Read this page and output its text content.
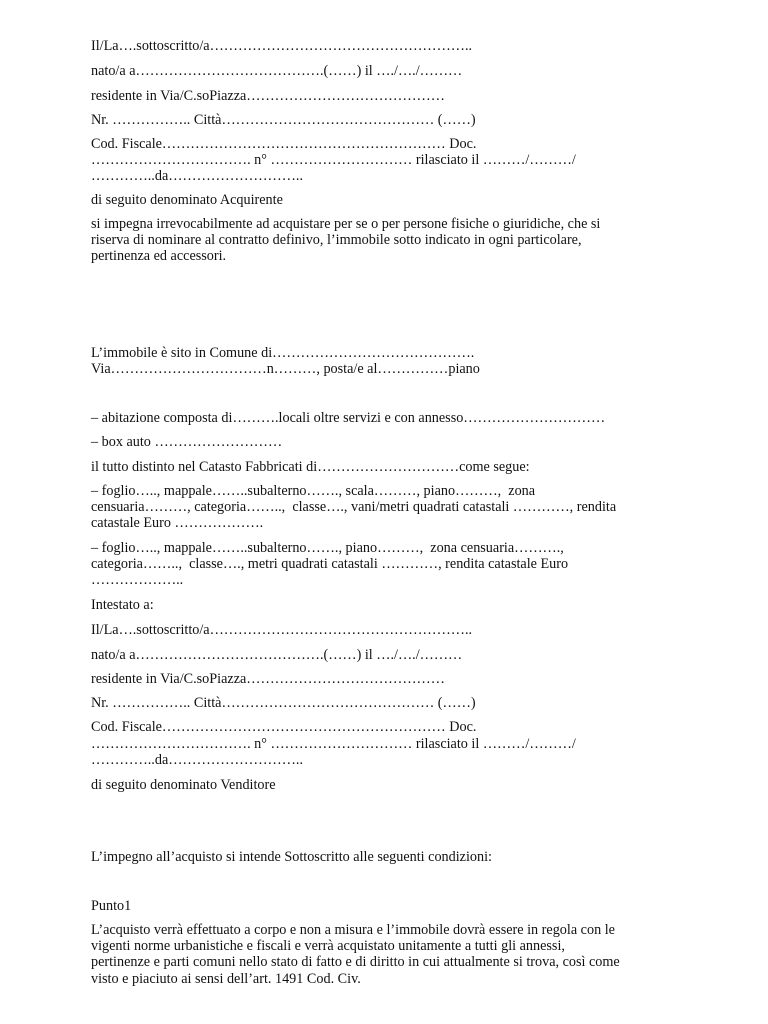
Il/La….sottoscritto/a………………………………………………..
nato/a a………………………………….(……) il …./…./………
residente in Via/C.soPiazza……………………………………
Nr. …………….. Città……………………………………… (……)
Cod. Fiscale…………………………………………………… Doc.
……………………………. n° ………………………… rilasciato il ………/………/
…………..da………………………..
di seguito denominato Acquirente
si impegna irrevocabilmente ad acquistare per se o per persone fisiche o giuridiche, che si
riserva di nominare al contratto definivo, l’immobile sotto indicato in ogni particolare,
pertinenza ed accessori.
L’immobile è sito in Comune di…………………………………….
Via……………………………n………, posta/e al……………piano
– abitazione composta di……….locali oltre servizi e con annesso…………………………
– box auto ………………………
il tutto distinto nel Catasto Fabbricati di…………………………come segue:
– foglio….., mappale……..subalterno……., scala………, piano………,  zona
censuaria………, categoria……..,  classe…., vani/metri quadrati catastali …………, rendita
catastale Euro ……………….
– foglio….., mappale……..subalterno……., piano………,  zona censuaria……….,
categoria……..,  classe…., metri quadrati catastali …………, rendita catastale Euro
………………..
Intestato a:
Il/La….sottoscritto/a………………………………………………..
nato/a a………………………………….(……) il …./…./………
residente in Via/C.soPiazza……………………………………
Nr. …………….. Città……………………………………… (……)
Cod. Fiscale…………………………………………………… Doc.
……………………………. n° ………………………… rilasciato il ………/………/
…………..da………………………..
di seguito denominato Venditore
L’impegno all’acquisto si intende Sottoscritto alle seguenti condizioni:
Punto1
L’acquisto verrà effettuato a corpo e non a misura e l’immobile dovrà essere in regola con le
vigenti norme urbanistiche e fiscali e verrà acquistato unitamente a tutti gli annessi,
pertinenze e parti comuni nello stato di fatto e di diritto in cui attualmente si trova, così come
visto e piaciuto ai sensi dell’art. 1491 Cod. Civ.
